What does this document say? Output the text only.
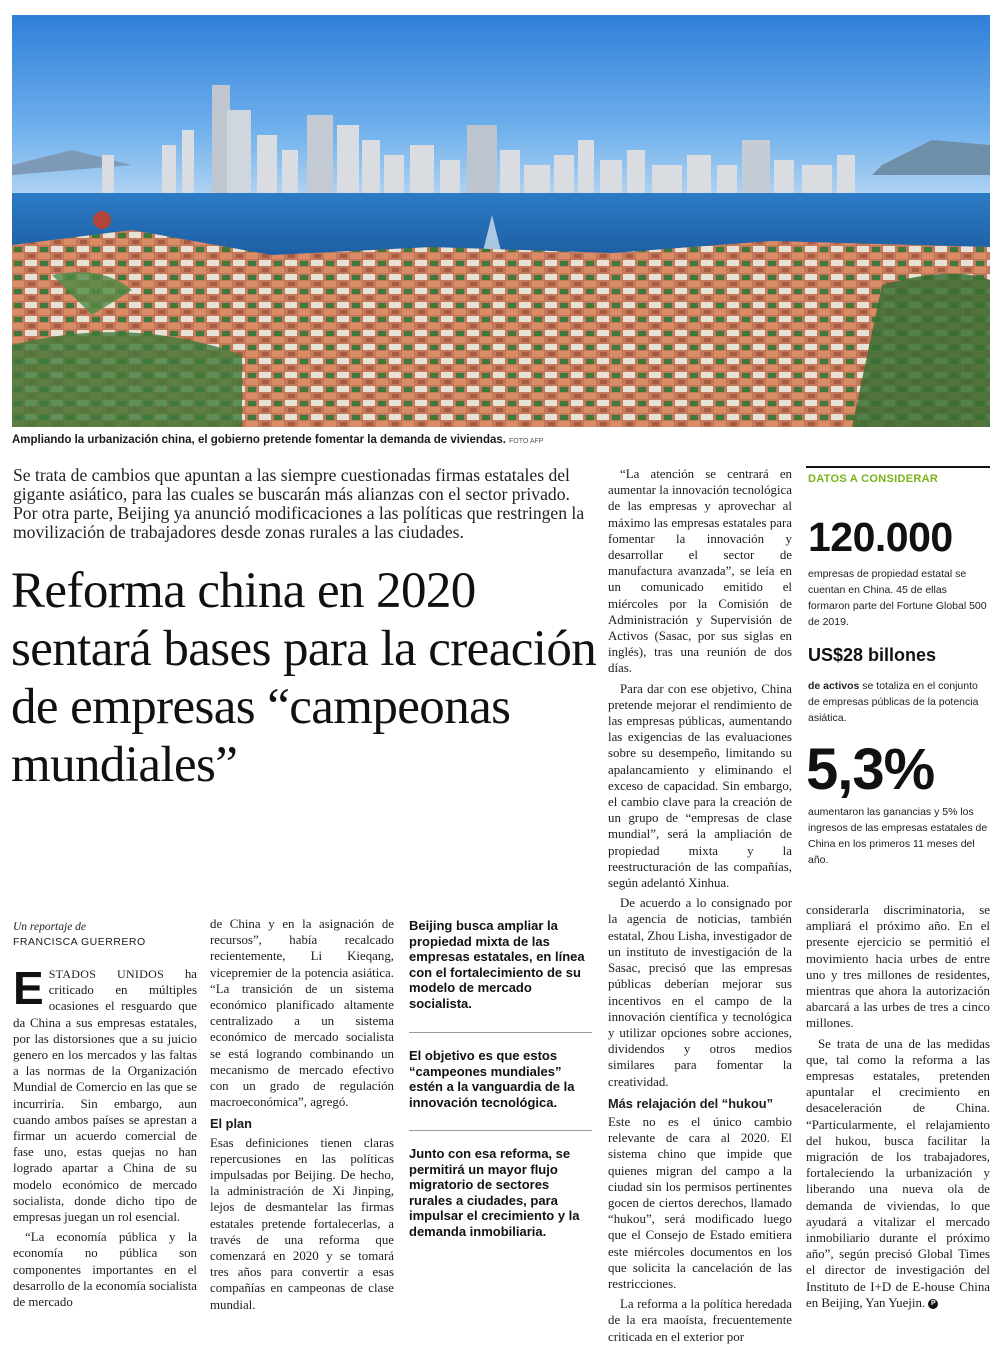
Ampliando la urbanización china, el gobierno pretende fomentar la demanda de viviendas. FOTO AFP
Se trata de cambios que apuntan a las siempre cuestionadas firmas estatales del gigante asiático, para las cuales se buscarán más alianzas con el sector privado. Por otra parte, Beijing ya anunció modificaciones a las políticas que restringen la movilización de trabajadores desde zonas rurales a las ciudades.
Reforma china en 2020 sentará bases para la creación de empresas “campeonas mundiales”

“La atención se centrará en aumentar la innovación tecnológica de las empresas y aprovechar al máximo las empresas estatales para fomentar la innovación y desarrollar el sector de manufactura avanzada”, se leía en un comunicado emitido el miércoles por la Comisión de Administración y Supervisión de Activos (Sasac, por sus siglas en inglés), tras una reunión de dos días.

Para dar con ese objetivo, China pretende mejorar el rendimiento de las empresas públicas, aumentando las exigencias de las evaluaciones sobre su desempeño, limitando su apalancamiento y eliminando el exceso de capacidad. Sin embargo, el cambio clave para la creación de un grupo de “empresas de clase mundial”, será la ampliación de propiedad mixta y la reestructuración de las compañías, según adelantó Xinhua.

De acuerdo a lo consignado por la agencia de noticias, también estatal, Zhou Lisha, investigador de un instituto de investigación de la Sasac, precisó que las empresas públicas deberían mejorar sus incentivos en el campo de la innovación científica y tecnológica y utilizar opciones sobre acciones, dividendos y otros medios similares para fomentar la creatividad.

Más relajación del “hukou”

Este no es el único cambio relevante de cara al 2020. El sistema chino que impide que quienes migran del campo a la ciudad sin los permisos pertinentes gocen de ciertos derechos, llamado “hukou”, será modificado luego que el Consejo de Estado emitiera este miércoles documentos en los que solicita la cancelación de las restricciones.

La reforma a la política heredada de la era maoísta, frecuentemente criticada en el exterior por

DATOS A CONSIDERAR
120.000
empresas de propiedad estatal se cuentan en China. 45 de ellas formaron parte del Fortune Global 500 de 2019.
US$28 billones
de activos se totaliza en el conjunto de empresas públicas de la potencia asiática.
5,3%
aumentaron las ganancias y 5% los ingresos de las empresas estatales de China en los primeros 11 meses del año.
Un reportaje de
FRANCISCA GUERRERO

ESTADOS UNIDOS ha criticado en múltiples ocasiones el resguardo que da China a sus empresas estatales, por las distorsiones que a su juicio genero en los mercados y las faltas a las normas de la Organización Mundial de Comercio en las que se incurriría. Sin embargo, aun cuando ambos países se aprestan a firmar un acuerdo comercial de fase uno, estas quejas no han logrado apartar a China de su modelo económico de mercado socialista, donde dicho tipo de empresas juegan un rol esencial.

“La economía pública y la economía no pública son componentes importantes en el desarrollo de la economía socialista de mercado

de China y en la asignación de recursos”, había recalcado recientemente, Li Kieqang, vicepremier de la potencia asiática. “La transición de un sistema económico planificado altamente centralizado a un sistema económico de mercado socialista se está logrando combinando un mecanismo de mercado efectivo con un grado de regulación macroeconómica”, agregó.

El plan

Esas definiciones tienen claras repercusiones en las políticas impulsadas por Beijing. De hecho, la administración de Xi Jinping, lejos de desmantelar las firmas estatales pretende fortalecerlas, a través de una reforma que comenzará en 2020 y se tomará tres años para convertir a esas compañías en campeonas de clase mundial.

Beijing busca ampliar la propiedad mixta de las empresas estatales, en línea con el fortalecimiento de su modelo de mercado socialista.
El objetivo es que estos “campeones mundiales” estén a la vanguardia de la innovación tecnológica.
Junto con esa reforma, se permitirá un mayor flujo migratorio de sectores rurales a ciudades, para impulsar el crecimiento y la demanda inmobiliaria.

considerarla discriminatoria, se ampliará el próximo año. En el presente ejercicio se permitió el movimiento hacia urbes de entre uno y tres millones de residentes, mientras que ahora la autorización abarcará a las urbes de tres a cinco millones.

Se trata de una de las medidas que, tal como la reforma a las empresas estatales, pretenden apuntalar el crecimiento en desaceleración de China. “Particularmente, el relajamiento del hukou, busca facilitar la migración de los trabajadores, fortaleciendo la urbanización y liberando una nueva ola de demanda de viviendas, lo que ayudará a vitalizar el mercado inmobiliario durante el próximo año”, según precisó Global Times el director de investigación del Instituto de I+D de E-house China en Beijing, Yan Yuejin. P
